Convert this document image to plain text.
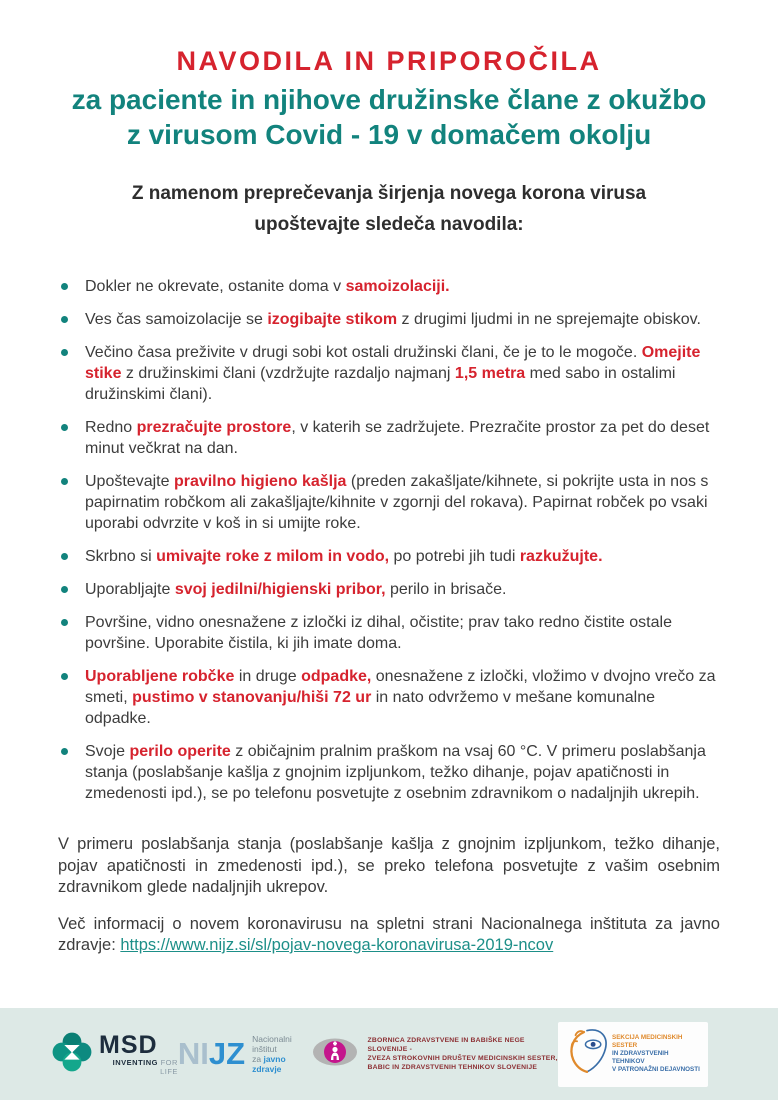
NAVODILA IN PRIPOROČILA
za paciente in njihove družinske člane z okužbo
z virusom Covid - 19 v domačem okolju
Z namenom preprečevanja širjenja novega korona virusa
upoštevajte sledeča navodila:
Dokler ne okrevate, ostanite doma v samoizolaciji.
Ves čas samoizolacije se izogibajte stikom z drugimi ljudmi in ne sprejemajte obiskov.
Večino časa preživite v drugi sobi kot ostali družinski člani, če je to le mogoče. Omejite stike z družinskimi člani (vzdržujte razdaljo najmanj 1,5 metra med sabo in ostalimi družinskimi člani).
Redno prezračujte prostore, v katerih se zadržujete. Prezračite prostor za pet do deset minut večkrat na dan.
Upoštevajte pravilno higieno kašlja (preden zakašljate/kihnete, si pokrijte usta in nos s papirnatim robčkom ali zakašljajte/kihnite v zgornji del rokava). Papirnat robček po vsaki uporabi odvrzite v koš in si umijte roke.
Skrbno si umivajte roke z milom in vodo, po potrebi jih tudi razkužujte.
Uporabljajte svoj jedilni/higienski pribor, perilo in brisače.
Površine, vidno onesnažene z izločki iz dihal, očistite; prav tako redno čistite ostale površine. Uporabite čistila, ki jih imate doma.
Uporabljene robčke in druge odpadke, onesnažene z izločki, vložimo v dvojno vrečo za smeti, pustimo v stanovanju/hiši 72 ur in nato odvržemo v mešane komunalne odpadke.
Svoje perilo operite z običajnim pralnim praškom na vsaj 60 °C. V primeru poslabšanja stanja (poslabšanje kašlja z gnojnim izpljunkom, težko dihanje, pojav apatičnosti in zmedenosti ipd.), se po telefonu posvetujte z osebnim zdravnikom o nadaljnjih ukrepih.

V primeru poslabšanja stanja (poslabšanje kašlja z gnojnim izpljunkom, težko dihanje, pojav apatičnosti in zmedenosti ipd.), se preko telefona posvetujte z vašim osebnim zdravnikom glede nadaljnjih ukrepov.

Več informacij o novem koronavirusu na spletni strani Nacionalnega inštituta za javno zdravje: https://www.nijz.si/sl/pojav-novega-koronavirusa-2019-ncov

MSD
INVENTING FOR LIFE NIJZ Nacionalni inštitut
za javno zdravje
ZBORNICA ZDRAVSTVENE IN BABIŠKE NEGE SLOVENIJE -
ZVEZA STROKOVNIH DRUŠTEV MEDICINSKIH SESTER,
BABIC IN ZDRAVSTVENIH TEHNIKOV SLOVENIJE
SEKCIJA MEDICINSKIH SESTER
IN ZDRAVSTVENIH TEHNIKOV
V PATRONAŽNI DEJAVNOSTI
